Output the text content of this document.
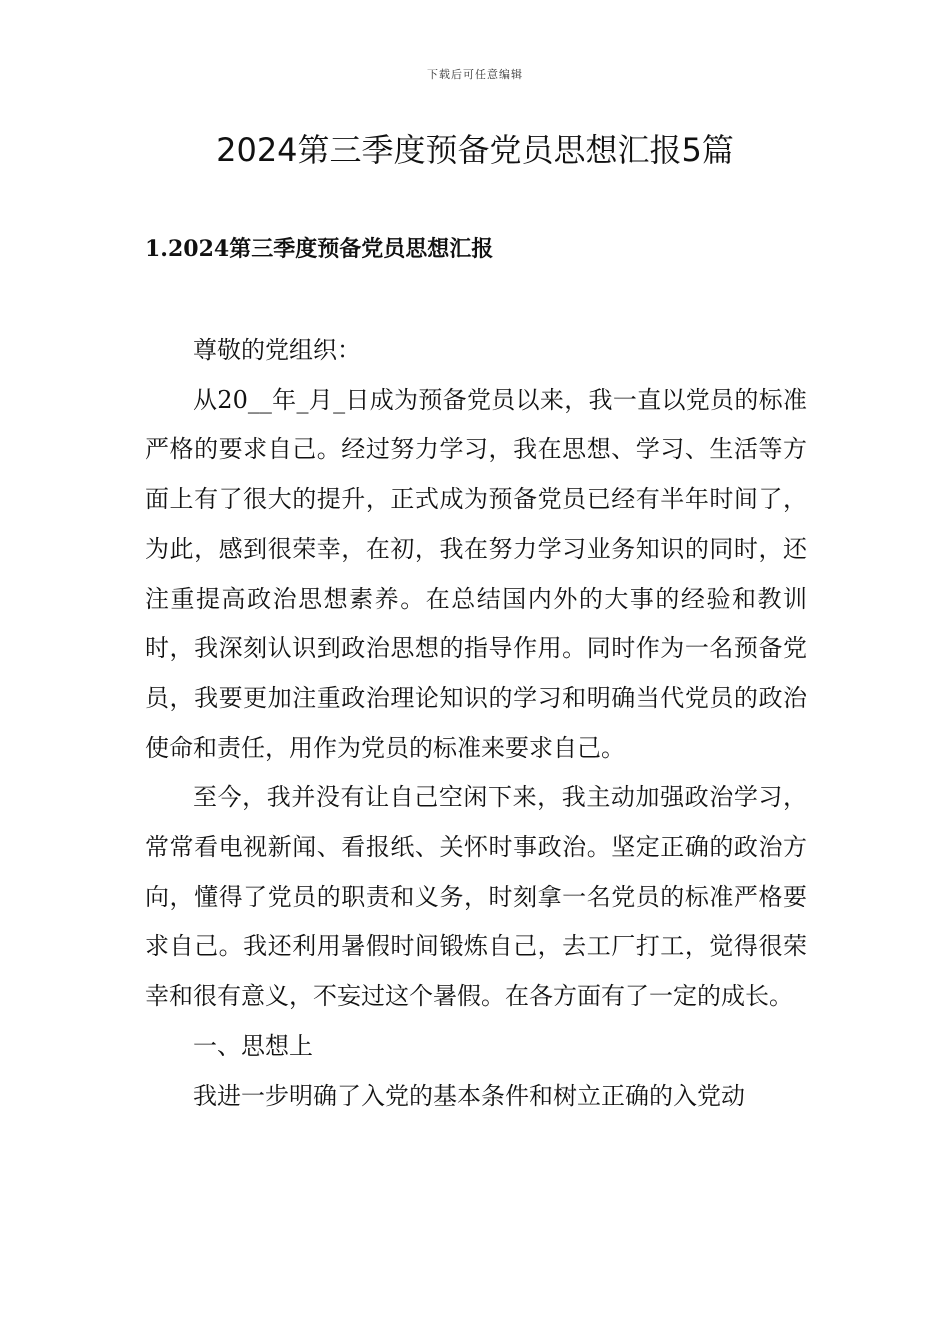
下载后可任意编辑
2024第三季度预备党员思想汇报5篇
1.2024第三季度预备党员思想汇报

尊敬的党组织：

从20__年_月_日成为预备党员以来，我一直以党员的标准严格的要求自己。经过努力学习，我在思想、学习、生活等方面上有了很大的提升，正式成为预备党员已经有半年时间了，为此，感到很荣幸，在初，我在努力学习业务知识的同时，还注重提高政治思想素养。在总结国内外的大事的经验和教训时，我深刻认识到政治思想的指导作用。同时作为一名预备党员，我要更加注重政治理论知识的学习和明确当代党员的政治使命和责任，用作为党员的标准来要求自己。

至今，我并没有让自己空闲下来，我主动加强政治学习，常常看电视新闻、看报纸、关怀时事政治。坚定正确的政治方向，懂得了党员的职责和义务，时刻拿一名党员的标准严格要求自己。我还利用暑假时间锻炼自己，去工厂打工，觉得很荣幸和很有意义，不妄过这个暑假。在各方面有了一定的成长。

一、思想上

我进一步明确了入党的基本条件和树立正确的入党动
